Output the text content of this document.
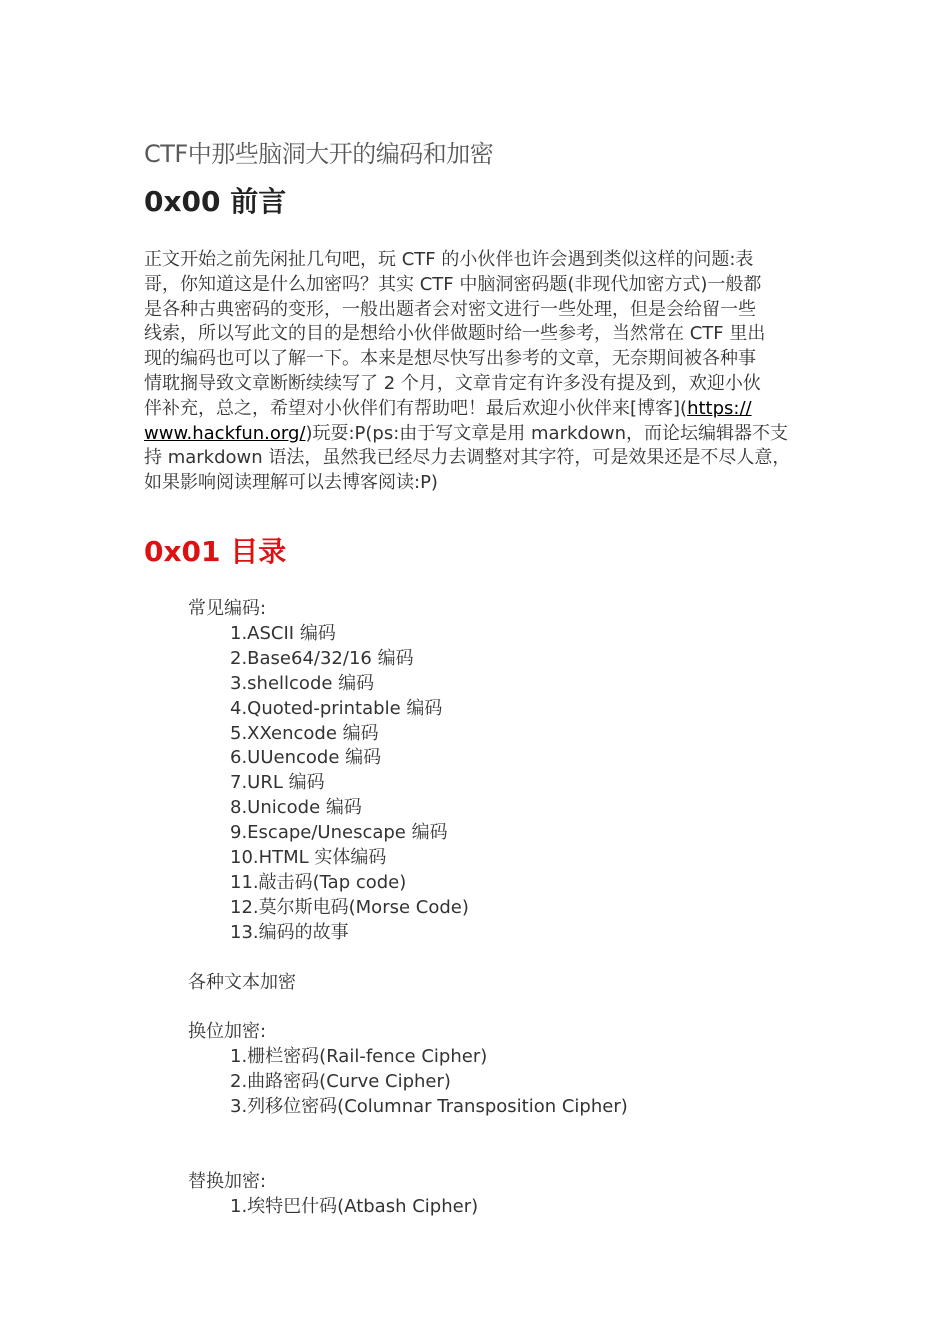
CTF中那些脑洞大开的编码和加密
0x00 前言
正文开始之前先闲扯几句吧，玩 CTF 的小伙伴也许会遇到类似这样的问题:表
哥，你知道这是什么加密吗？其实 CTF 中脑洞密码题(非现代加密方式)一般都
是各种古典密码的变形，一般出题者会对密文进行一些处理，但是会给留一些
线索，所以写此文的目的是想给小伙伴做题时给一些参考，当然常在 CTF 里出
现的编码也可以了解一下。本来是想尽快写出参考的文章，无奈期间被各种事
情耽搁导致文章断断续续写了 2 个月，文章肯定有许多没有提及到，欢迎小伙
伴补充，总之，希望对小伙伴们有帮助吧！最后欢迎小伙伴来[博客](https://
www.hackfun.org/)玩耍:P(ps:由于写文章是用 markdown，而论坛编辑器不支
持 markdown 语法，虽然我已经尽力去调整对其字符，可是效果还是不尽人意，
如果影响阅读理解可以去博客阅读:P)
0x01 目录
常见编码:
1.ASCII 编码
2.Base64/32/16 编码
3.shellcode 编码
4.Quoted-printable 编码
5.XXencode 编码
6.UUencode 编码
7.URL 编码
8.Unicode 编码
9.Escape/Unescape 编码
10.HTML 实体编码
11.敲击码(Tap code)
12.莫尔斯电码(Morse Code)
13.编码的故事
各种文本加密
换位加密:
1.栅栏密码(Rail-fence Cipher)
2.曲路密码(Curve Cipher)
3.列移位密码(Columnar Transposition Cipher)
替换加密:
1.埃特巴什码(Atbash Cipher)
